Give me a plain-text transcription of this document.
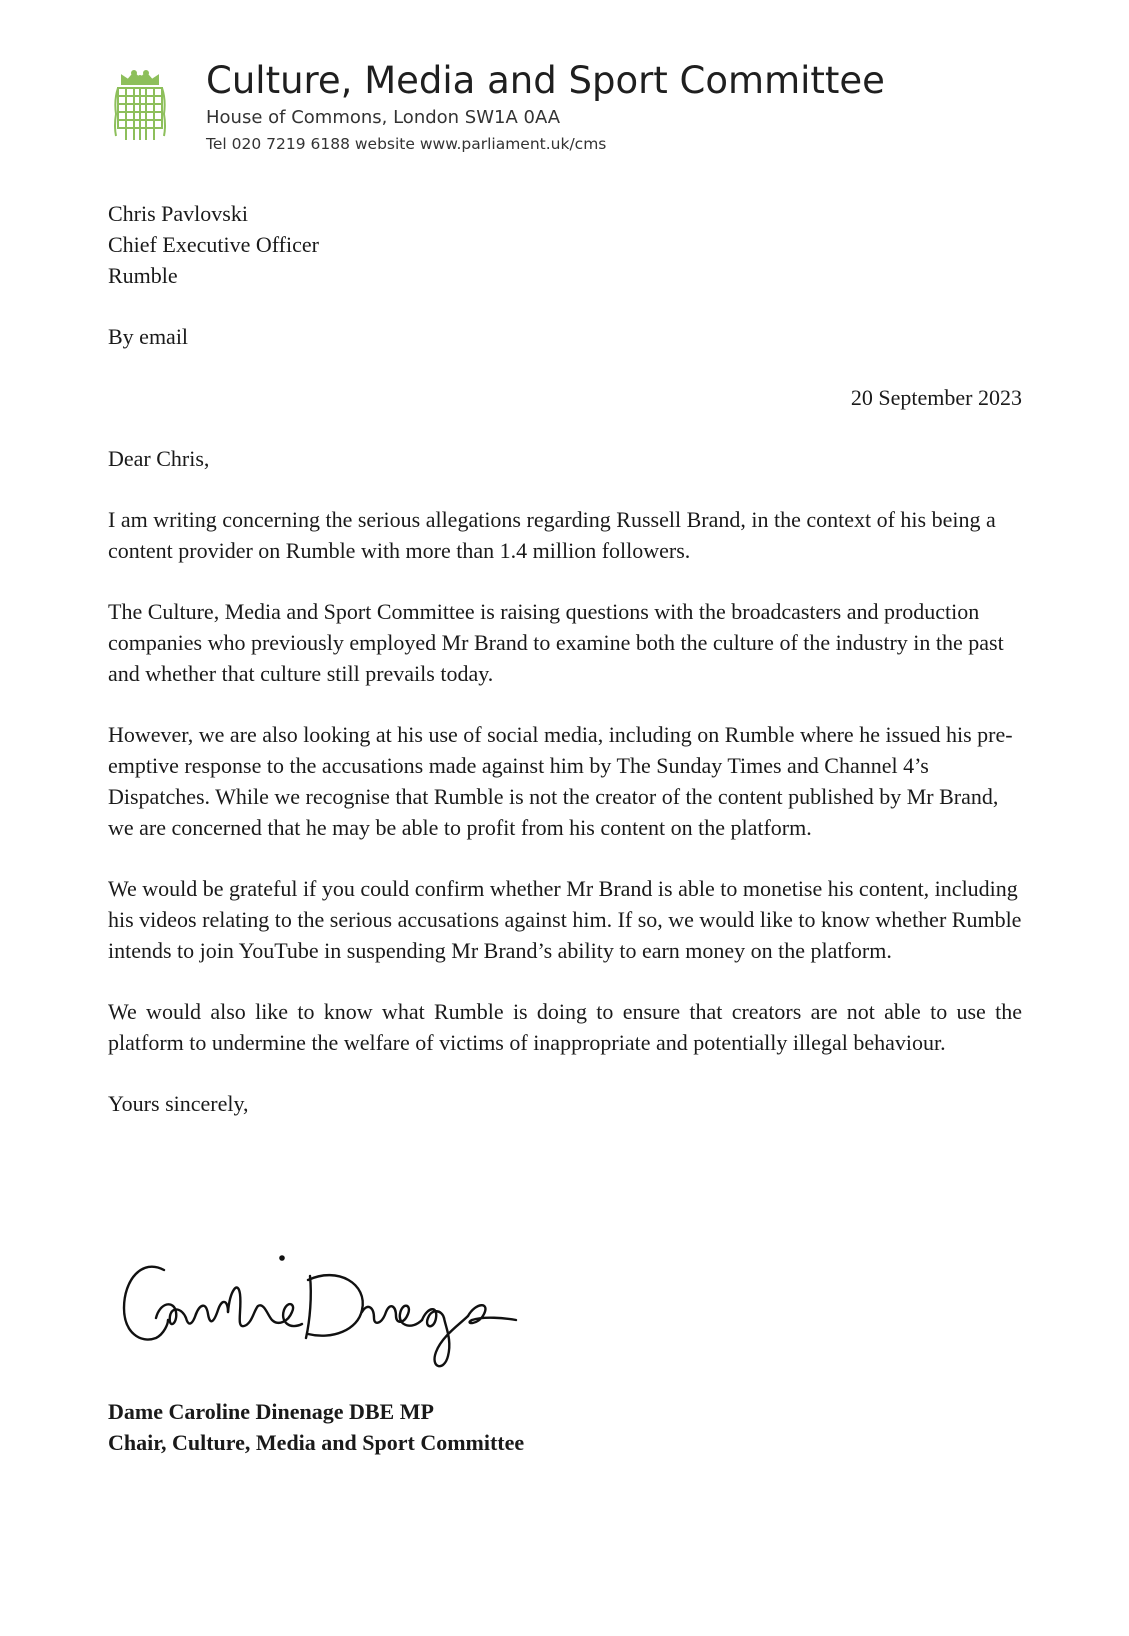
Culture, Media and Sport Committee
House of Commons, London SW1A 0AA
Tel 020 7219 6188 website www.parliament.uk/cms
Chris Pavlovski
Chief Executive Officer
Rumble

By email

20 September 2023

Dear Chris,

I am writing concerning the serious allegations regarding Russell Brand, in the context of his being a content provider on Rumble with more than 1.4 million followers.

The Culture, Media and Sport Committee is raising questions with the broadcasters and production companies who previously employed Mr Brand to examine both the culture of the industry in the past and whether that culture still prevails today.

However, we are also looking at his use of social media, including on Rumble where he issued his pre-emptive response to the accusations made against him by The Sunday Times and Channel 4’s Dispatches. While we recognise that Rumble is not the creator of the content published by Mr Brand, we are concerned that he may be able to profit from his content on the platform.

We would be grateful if you could confirm whether Mr Brand is able to monetise his content, including his videos relating to the serious accusations against him. If so, we would like to know whether Rumble intends to join YouTube in suspending Mr Brand’s ability to earn money on the platform.

We would also like to know what Rumble is doing to ensure that creators are not able to use the platform to undermine the welfare of victims of inappropriate and potentially illegal behaviour.

Yours sincerely,

Dame Caroline Dinenage DBE MP
Chair, Culture, Media and Sport Committee
